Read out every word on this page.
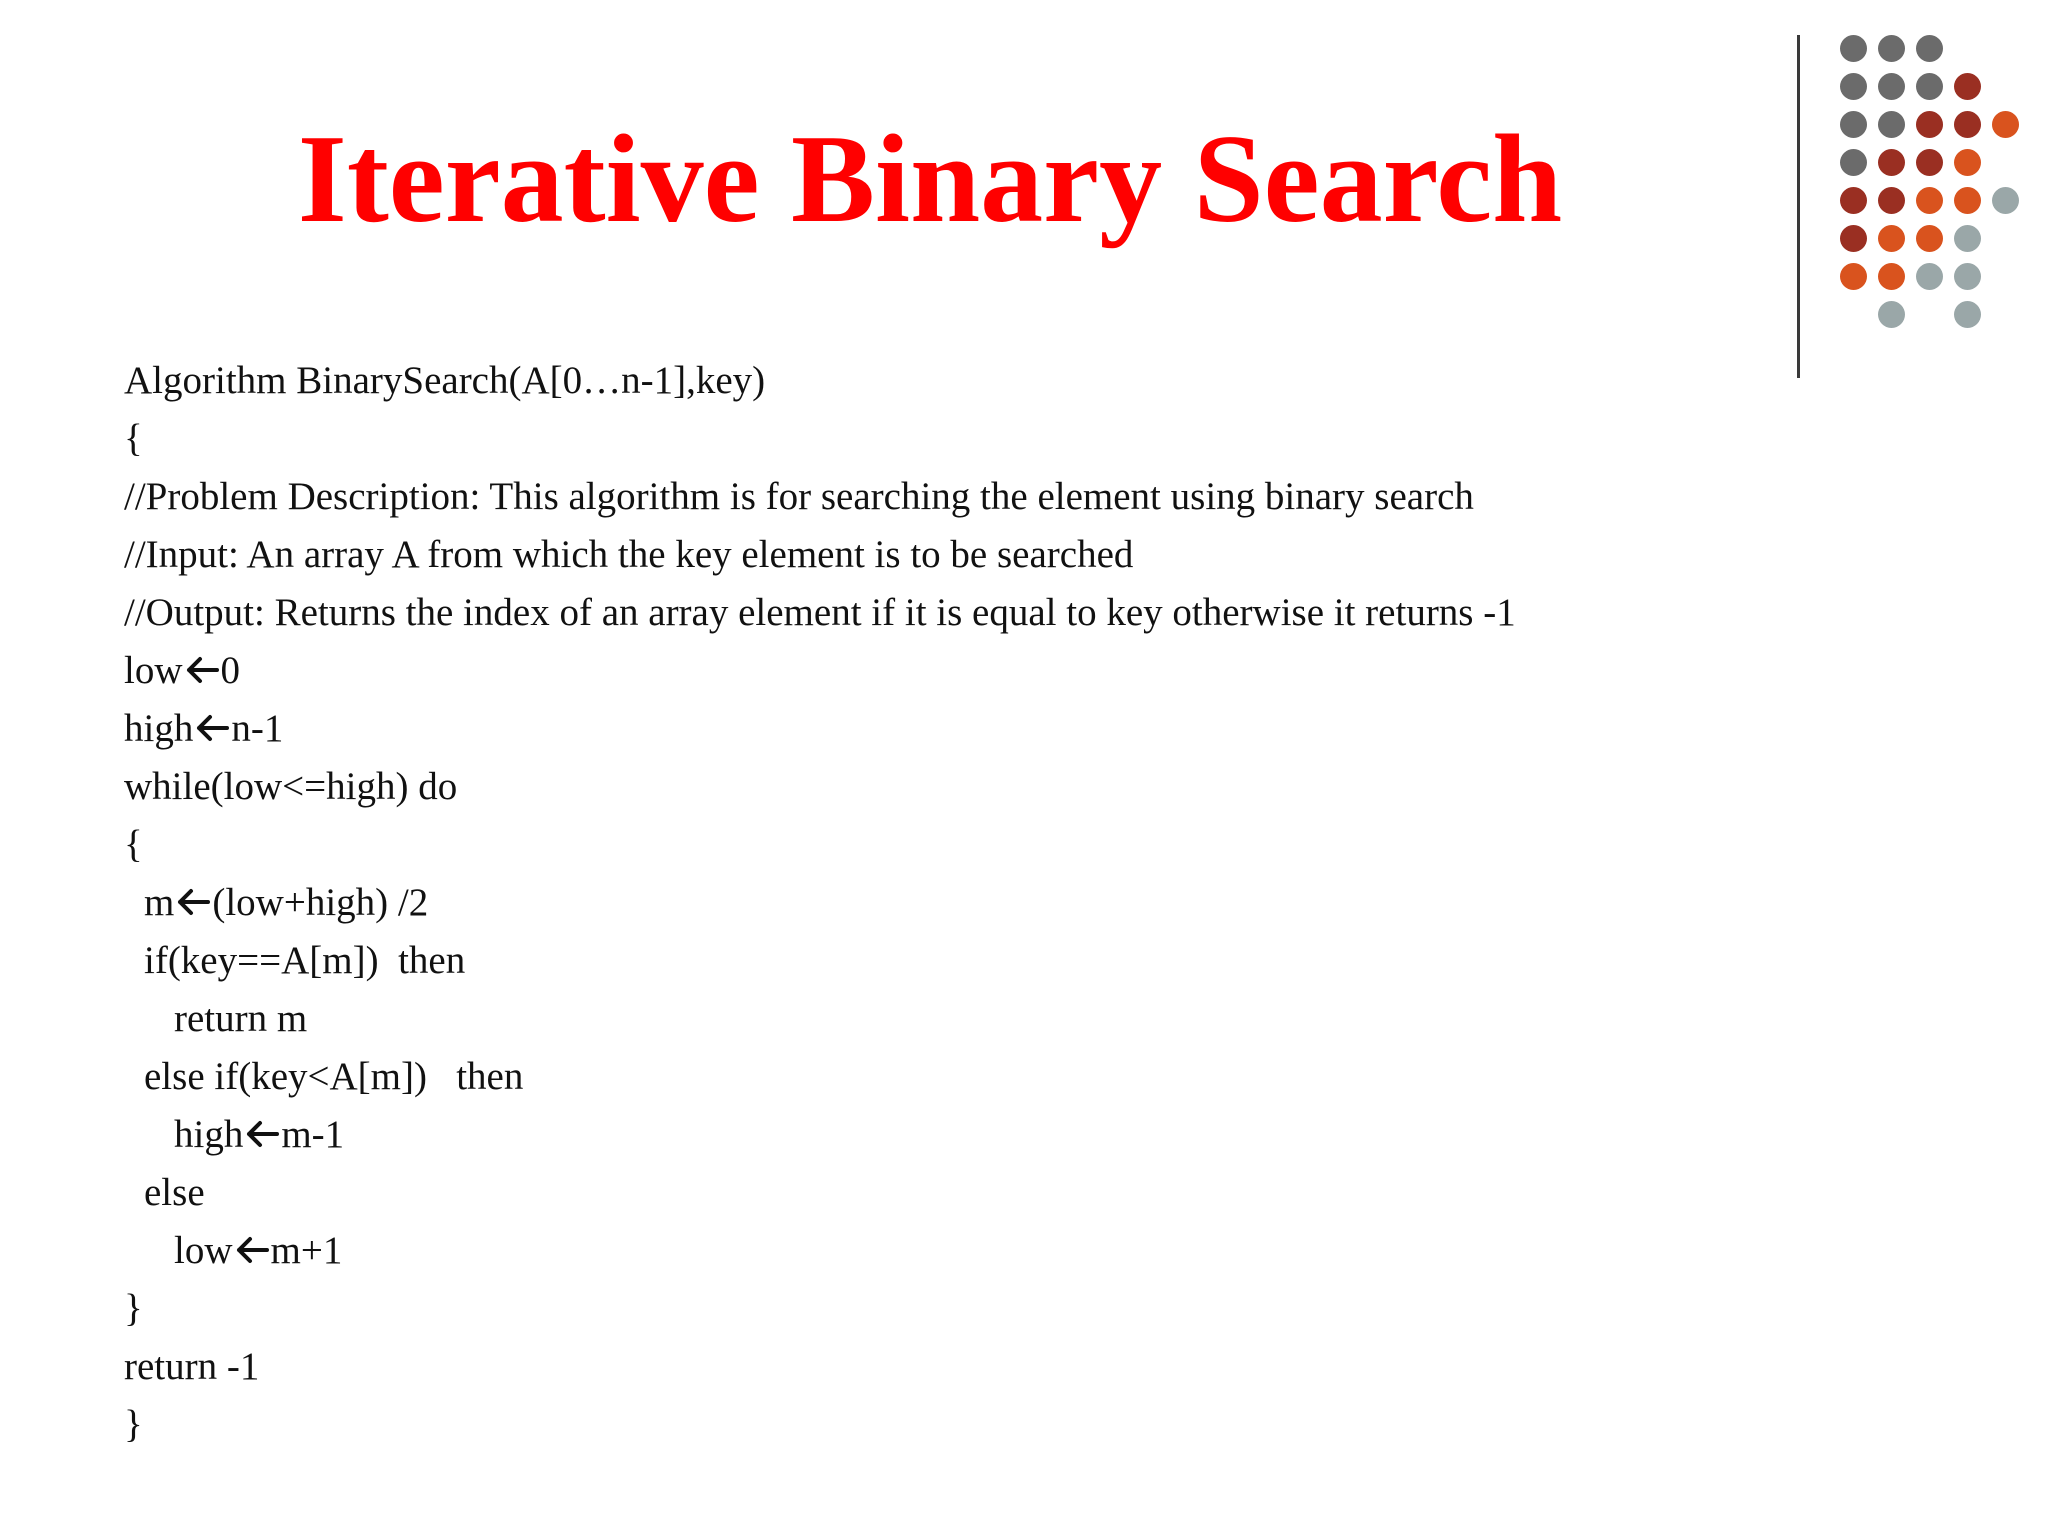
Iterative Binary Search
Algorithm BinarySearch(A[0…n-1],key)
{
//Problem Description: This algorithm is for searching the element using binary search
//Input: An array A from which the key element is to be searched
//Output: Returns the index of an array element if it is equal to key otherwise it returns -1
low 0
high n-1
while(low<=high) do
{
m (low+high) /2
if(key==A[m])  then
return m
else if(key<A[m])   then
high m-1
else
low m+1
}
return -1
}
